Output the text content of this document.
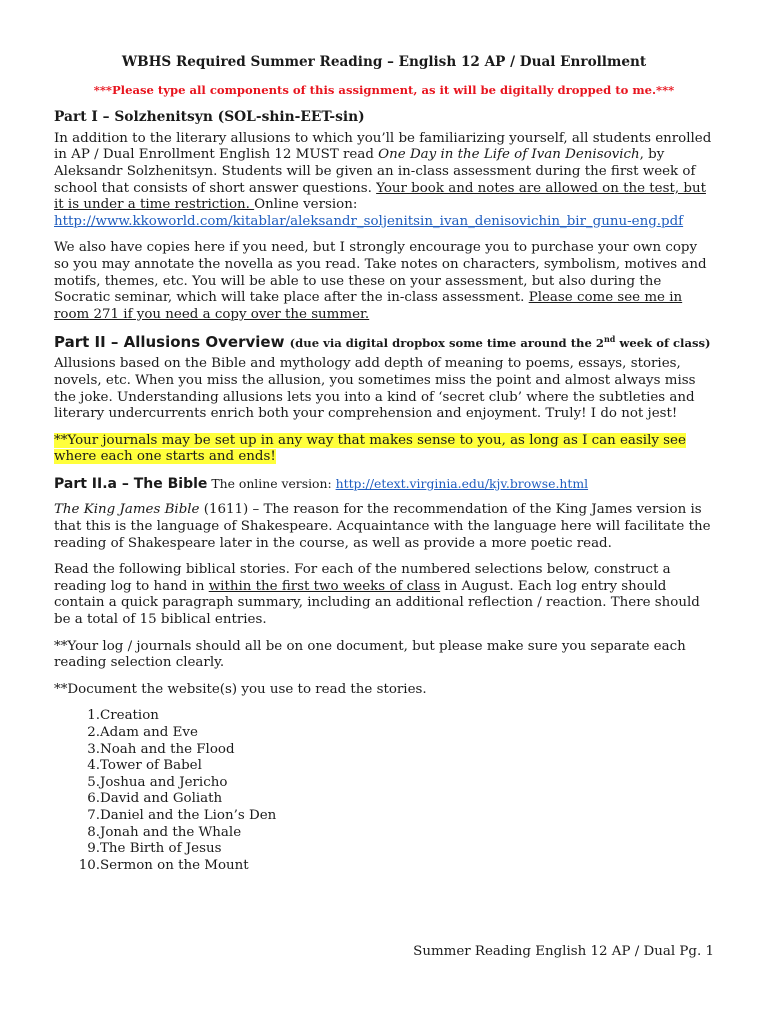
WBHS Required Summer Reading – English 12 AP / Dual Enrollment

***Please type all components of this assignment, as it will be digitally dropped to me.***

Part I – Solzhenitsyn (SOL-shin-EET-sin)

In addition to the literary allusions to which you’ll be familiarizing yourself, all students enrolled in AP / Dual Enrollment English 12 MUST read One Day in the Life of Ivan Denisovich, by Aleksandr Solzhenitsyn. Students will be given an in-class assessment during the first week of school that consists of short answer questions. Your book and notes are allowed on the test, but it is under a time restriction. Online version:
http://www.kkoworld.com/kitablar/aleksandr_soljenitsin_ivan_denisovichin_bir_gunu-eng.pdf

We also have copies here if you need, but I strongly encourage you to purchase your own copy so you may annotate the novella as you read. Take notes on characters, symbolism, motives and motifs, themes, etc. You will be able to use these on your assessment, but also during the Socratic seminar, which will take place after the in-class assessment. Please come see me in room 271 if you need a copy over the summer.

Part II – Allusions Overview (due via digital dropbox some time around the 2nd week of class)

Allusions based on the Bible and mythology add depth of meaning to poems, essays, stories, novels, etc. When you miss the allusion, you sometimes miss the point and almost always miss the joke. Understanding allusions lets you into a kind of ‘secret club’ where the subtleties and literary undercurrents enrich both your comprehension and enjoyment. Truly! I do not jest!

**Your journals may be set up in any way that makes sense to you, as long as I can easily see where each one starts and ends!

Part II.a – The Bible The online version: http://etext.virginia.edu/kjv.browse.html

The King James Bible (1611) – The reason for the recommendation of the King James version is that this is the language of Shakespeare. Acquaintance with the language here will facilitate the reading of Shakespeare later in the course, as well as provide a more poetic read.

Read the following biblical stories. For each of the numbered selections below, construct a reading log to hand in within the first two weeks of class in August. Each log entry should contain a quick paragraph summary, including an additional reflection / reaction. There should be a total of 15 biblical entries.

**Your log / journals should all be on one document, but please make sure you separate each reading selection clearly.

**Document the website(s) you use to read the stories.

1. Creation
2. Adam and Eve
3. Noah and the Flood
4. Tower of Babel
5. Joshua and Jericho
6. David and Goliath
7. Daniel and the Lion’s Den
8. Jonah and the Whale
9. The Birth of Jesus
10. Sermon on the Mount
Summer Reading English 12 AP / Dual Pg. 1
